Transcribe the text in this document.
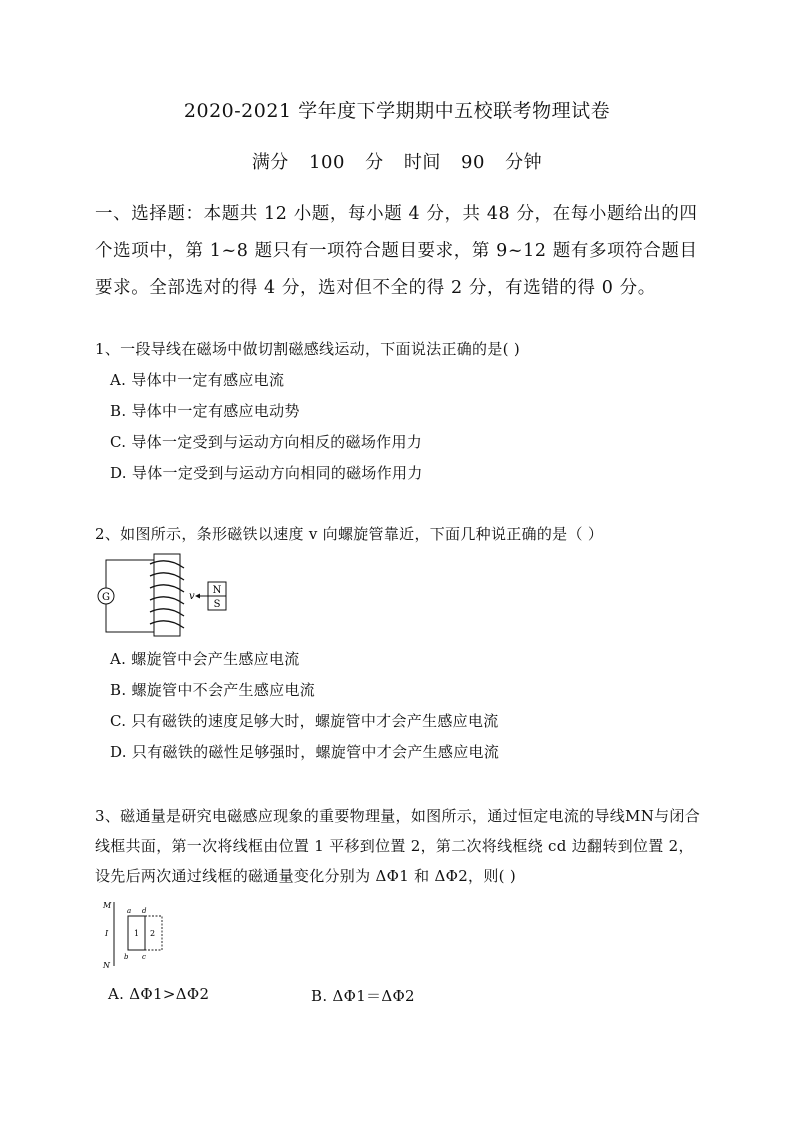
2020-2021 学年度下学期期中五校联考物理试卷
满分 100 分 时间 90 分钟
一、选择题：本题共 12 小题，每小题 4 分，共 48 分，在每小题给出的四个选项中，第 1~8 题只有一项符合题目要求，第 9~12 题有多项符合题目要求。全部选对的得 4 分，选对但不全的得 2 分，有选错的得 0 分。
1、一段导线在磁场中做切割磁感线运动，下面说法正确的是( )
A. 导体中一定有感应电流
B. 导体中一定有感应电动势
C. 导体一定受到与运动方向相反的磁场作用力
D. 导体一定受到与运动方向相同的磁场作用力
2、如图所示，条形磁铁以速度 v 向螺旋管靠近，下面几种说正确的是（ ）
G	v
N
S
A. 螺旋管中会产生感应电流
B. 螺旋管中不会产生感应电流
C. 只有磁铁的速度足够大时，螺旋管中才会产生感应电流
D. 只有磁铁的磁性足够强时，螺旋管中才会产生感应电流
3、磁通量是研究电磁感应现象的重要物理量，如图所示，通过恒定电流的导线MN与闭合线框共面，第一次将线框由位置 1 平移到位置 2，第二次将线框绕 cd 边翻转到位置 2，设先后两次通过线框的磁通量变化分别为 ΔΦ1 和 ΔΦ2，则( )
M
I
N
a d
b c
1 2
A. ΔΦ1>ΔΦ2	B. ΔΦ1＝ΔΦ2
